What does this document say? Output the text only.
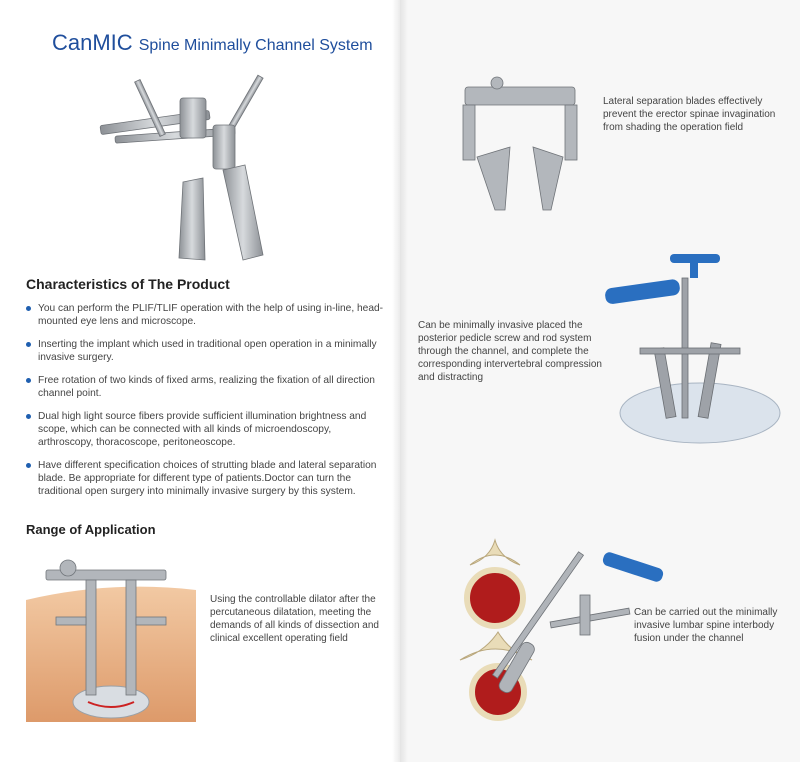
CanMIC Spine Minimally Channel System
Characteristics of The Product
You can perform the PLIF/TLIF operation with the help of using in-line, head-mounted eye lens and microscope.
Inserting the implant which used in traditional open operation in a minimally invasive surgery.
Free rotation of two kinds of fixed arms, realizing the fixation of all direction channel point.
Dual high light source fibers provide sufficient illumination brightness and scope, which can be connected with all kinds of microendoscopy, arthroscopy, thoracoscope, peritoneoscope.
Have different specification choices of strutting blade and lateral separation blade. Be appropriate for different type of patients.Doctor can turn the traditional open surgery into minimally invasive surgery by this system.
Range of Application
Using the controllable dilator after the percutaneous dilatation, meeting the demands of all kinds of dissection and clinical excellent operating field
Lateral separation blades effectively prevent the erector spinae invagination from shading the operation field
Can be minimally invasive placed the posterior pedicle screw and rod system through the channel, and complete the corresponding intervertebral compression and distracting
Can be carried out the minimally invasive lumbar spine interbody fusion under the channel
